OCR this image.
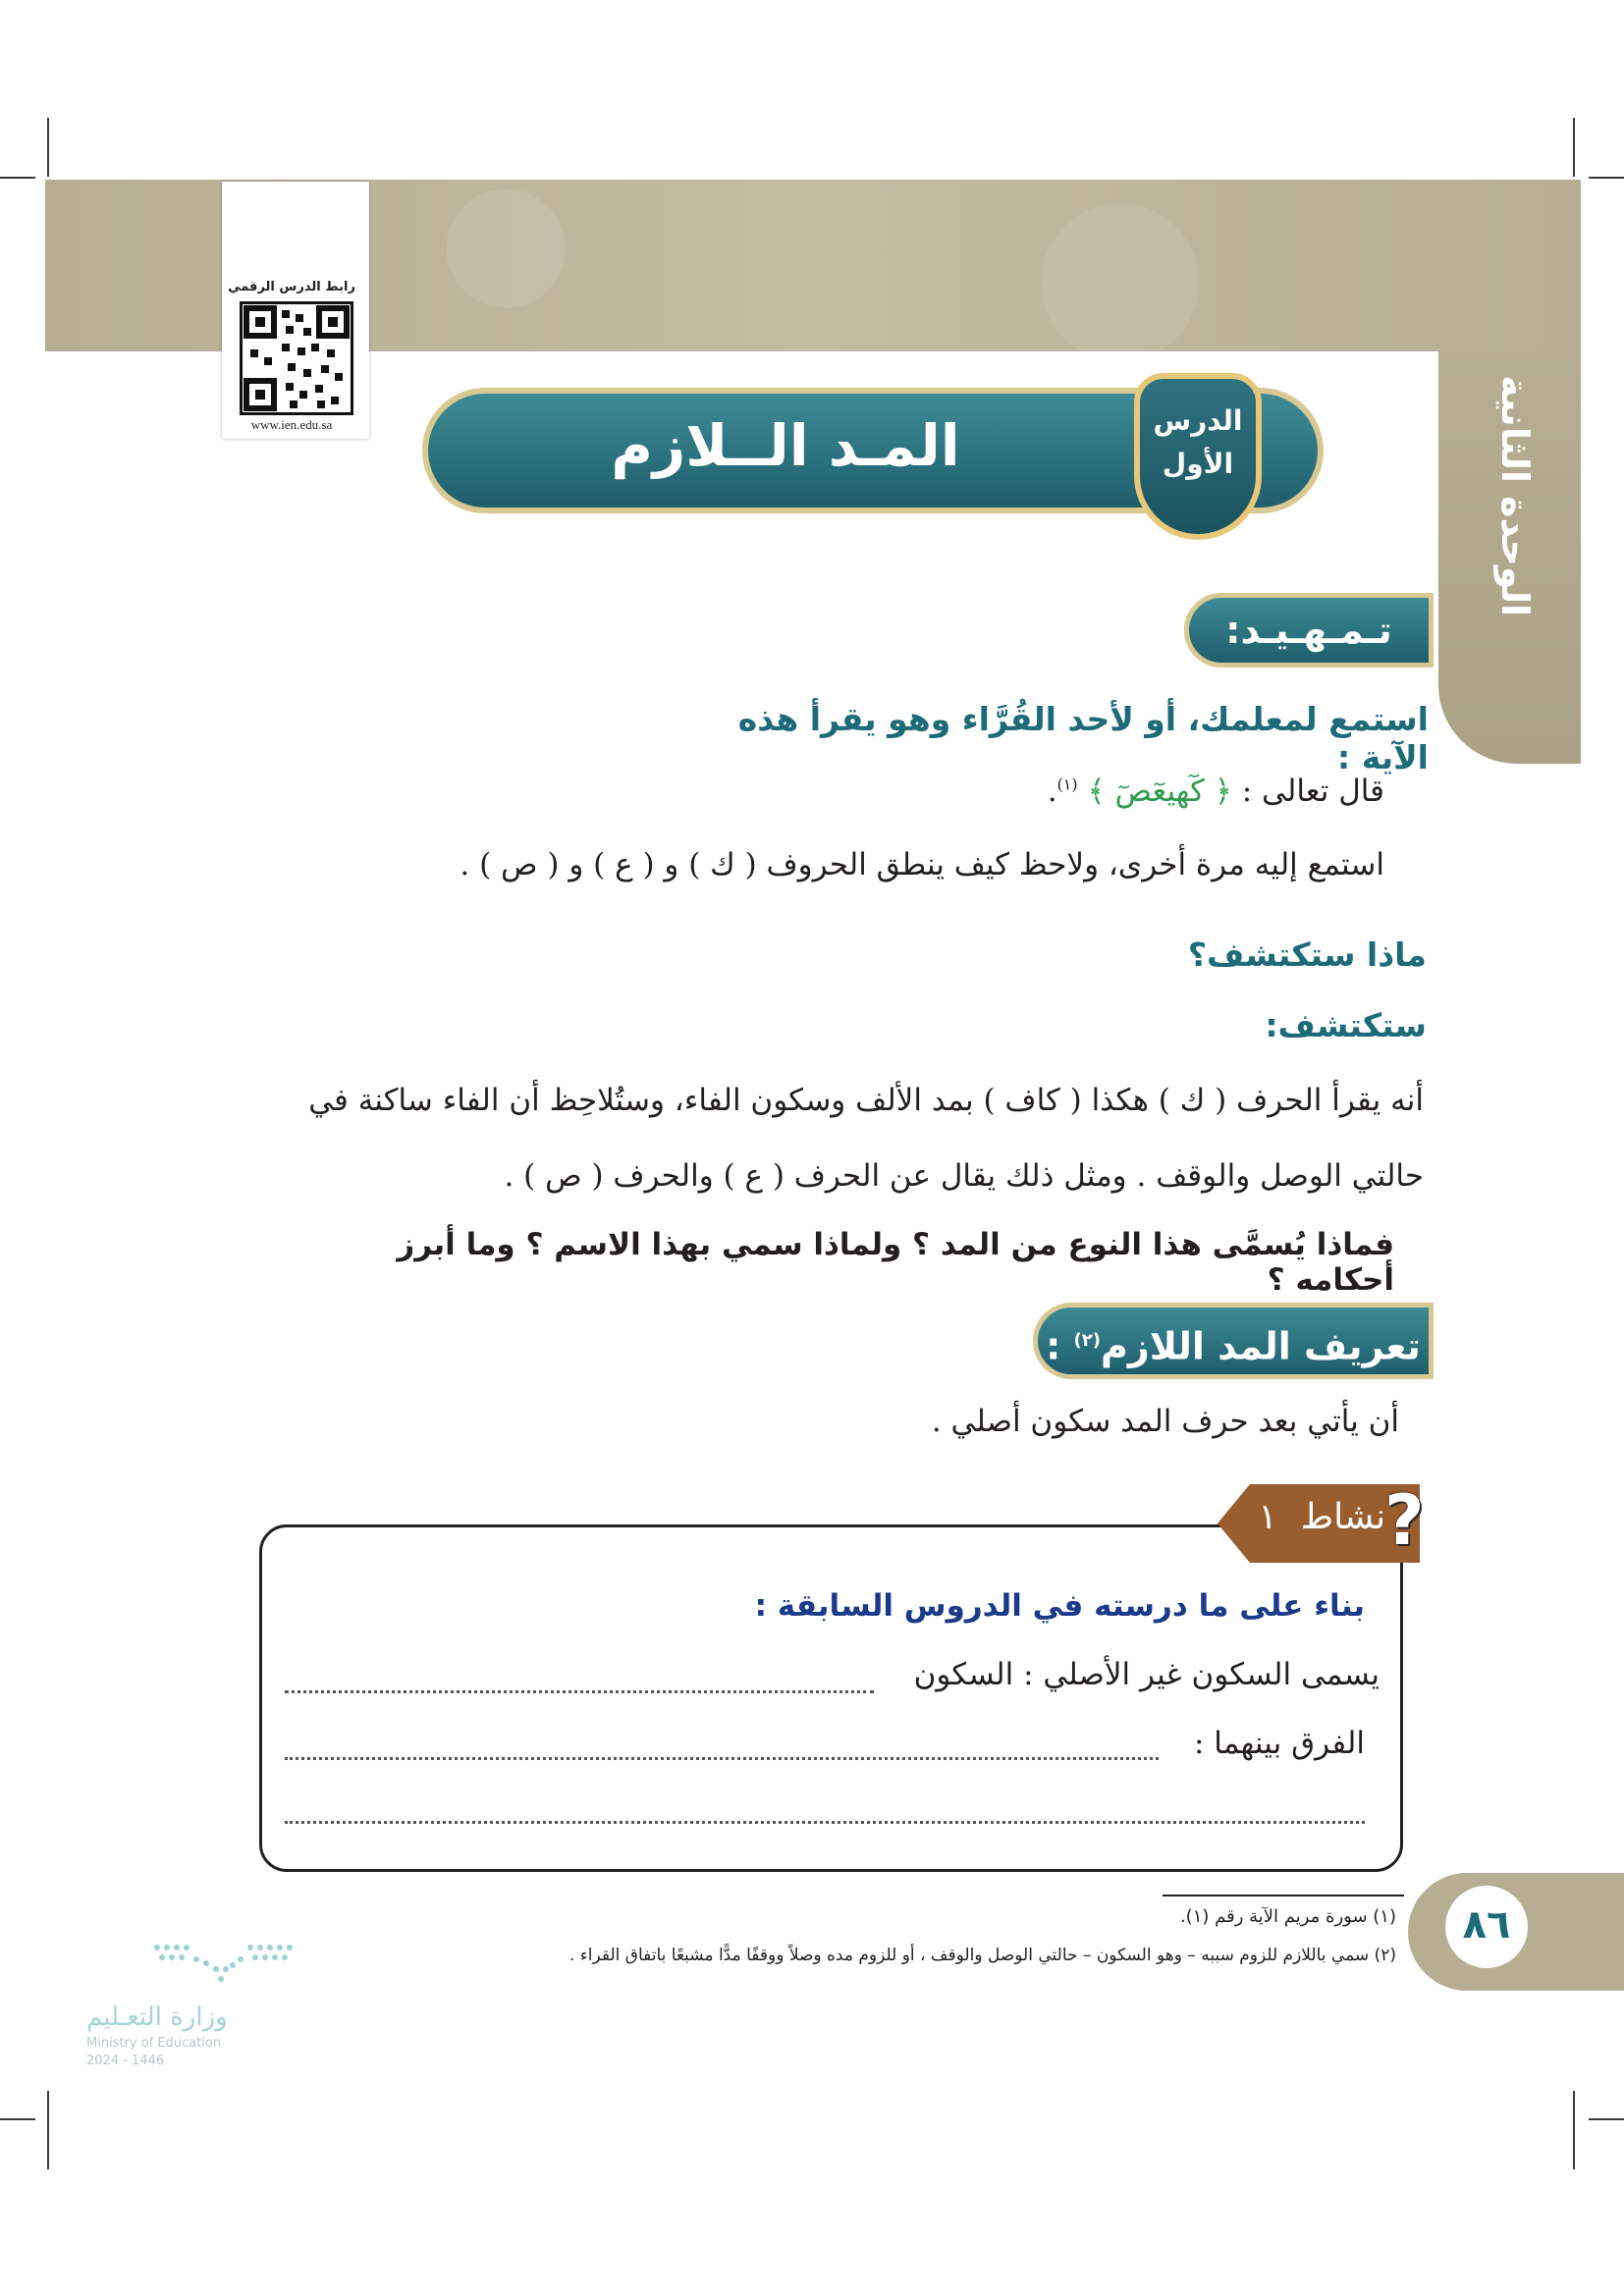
الوحدة الثانية
رابط الدرس الرقمي
www.ien.edu.sa	المـد الــلازم	الدرس
الأول
تـمـهـيـد:
استمع لمعلمك، أو لأحد القُرَّاء وهو يقرأ هذه الآية :
قال تعالى : ﴿ كٓهيعٓصٓ ﴾ $^{(١)}$.
استمع إليه مرة أخرى، ولاحظ كيف ينطق الحروف ( ك ) و ( ع ) و ( ص ) .
ماذا ستكتشف؟
ستكتشف:
أنه يقرأ الحرف ( ك ) هكذا ( كاف ) بمد الألف وسكون الفاء، وستُلاحِظ أن الفاء ساكنة في
حالتي الوصل والوقف . ومثل ذلك يقال عن الحرف ( ع ) والحرف ( ص ) .
فماذا يُسمَّى هذا النوع من المد ؟ ولماذا سمي بهذا الاسم ؟ وما أبرز أحكامه ؟
تعريف المد اللازم$^{(٢)}$ :
أن يأتي بعد حرف المد سكون أصلي .
نشاط
١ ?
بناء على ما درسته في الدروس السابقة :
يسمى السكون غير الأصلي : السكون
الفرق بينهما :
٨٦
(١) سورة مريم الآية رقم (١).
(٢) سمي باللازم للزوم سببه – وهو السكون – حالتي الوصل والوقف ، أو للزوم مده وصلاً ووقفًا مدًّا مشبعًا باتفاق القراء .
وزارة التعـليم
Ministry of Education
2024 - 1446
